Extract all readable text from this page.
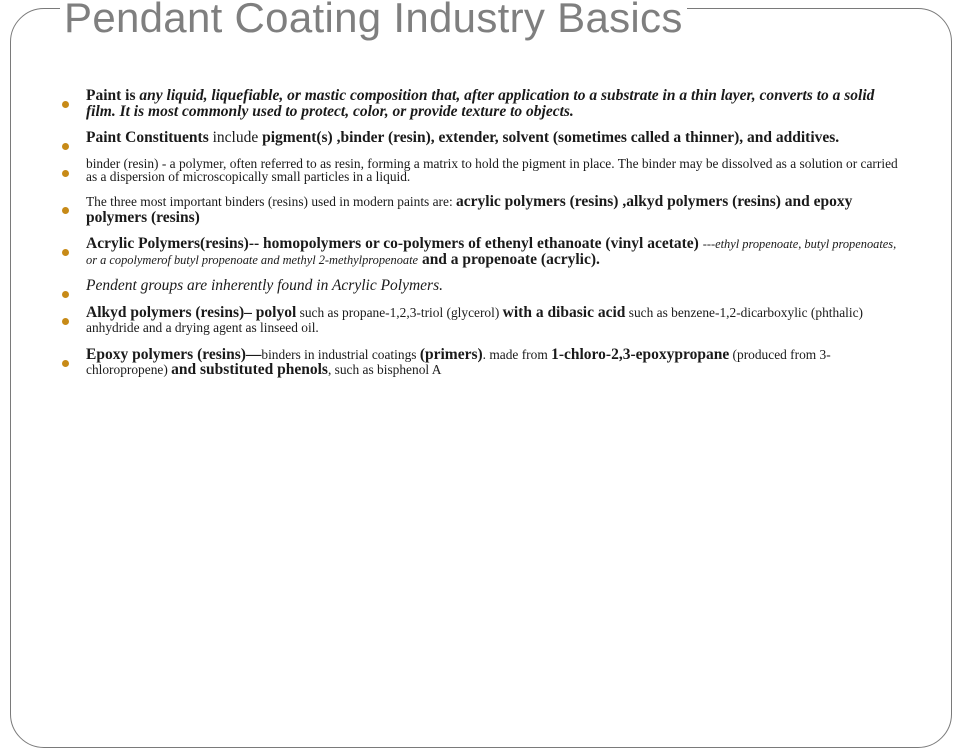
Pendant Coating Industry Basics
Paint is any liquid, liquefiable, or mastic composition that, after application to a substrate in a thin layer, converts to a solid film. It is most commonly used to protect, color, or provide texture to objects.
Paint Constituents include pigment(s) ,binder (resin), extender, solvent (sometimes called a thinner), and additives.
binder (resin) - a polymer, often referred to as resin, forming a matrix to hold the pigment in place. The binder may be dissolved as a solution or carried as a dispersion of microscopically small particles in a liquid.
The three most important binders (resins) used in modern paints are: acrylic polymers (resins) ,alkyd polymers (resins) and epoxy polymers (resins)
Acrylic Polymers(resins)-- homopolymers or co-polymers of ethenyl ethanoate (vinyl acetate) ---ethyl propenoate, butyl propenoates, or a copolymerof butyl propenoate and methyl 2-methylpropenoate and a propenoate (acrylic).
Pendent groups are inherently found in Acrylic Polymers.
Alkyd polymers (resins)– polyol such as propane-1,2,3-triol (glycerol) with a dibasic acid such as benzene-1,2-dicarboxylic (phthalic) anhydride and a drying agent as linseed oil.
Epoxy polymers (resins)—binders in industrial coatings (primers). made from 1-chloro-2,3-epoxypropane (produced from 3-chloropropene) and substituted phenols, such as bisphenol A
